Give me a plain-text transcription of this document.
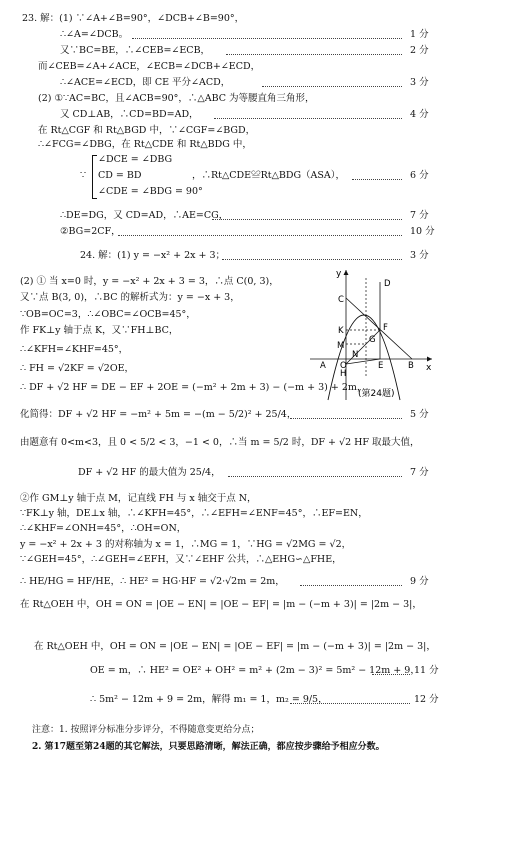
23. 解：(1) ∵∠A+∠B=90°，∠DCB+∠B=90°，
∴∠A=∠DCB。	1 分
又∵BC=BE，∴∠CEB=∠ECB，	2 分
而∠CEB=∠A+∠ACE，∠ECB=∠DCB+∠ECD，
∴∠ACE=∠ECD，即 CE 平分∠ACD，	3 分
(2) ①∵AC=BC，且∠ACB=90°，∴△ABC 为等腰直角三角形，
又 CD⊥AB，∴CD=BD=AD，	4 分
在 Rt△CGF 和 Rt△BGD 中，∵∠CGF=∠BGD，
∴∠FCG=∠DBG，在 Rt△CDE 和 Rt△BDG 中，
∵
∠DCE = ∠DBG
CD = BD
∠CDE = ∠BDG = 90°
，∴Rt△CDE≌Rt△BDG（ASA），	6 分
∴DE=DG，又 CD=AD，∴AE=CG，	7 分
②BG=2CF，	10 分
24. 解：(1) y = −x² + 2x + 3；	3 分
(2) ① 当 x=0 时，y = −x² + 2x + 3 = 3，∴点 C(0, 3)，
又∵点 B(3, 0)，∴BC 的解析式为：y = −x + 3，
∵OB=OC=3，∴∠OBC=∠OCB=45°，
作 FK⊥y 轴于点 K，又∵FH⊥BC，
∴∠KFH=∠KHF=45°，
∴ FH = √2KF = √2OE，
∴ DF + √2 HF = DE − EF + 2OE = (−m² + 2m + 3) − (−m + 3) + 2m，
y
x
C
D
K	F
G
M
A O
N
E	B
H
(第24题)
化简得：DF + √2 HF = −m² + 5m = −(m − 5/2)² + 25/4，	5 分
由题意有 0<m<3，且 0 < 5/2 < 3，−1 < 0，∴当 m = 5/2 时，DF + √2 HF 取最大值，
DF + √2 HF 的最大值为 25/4，	7 分
②作 GM⊥y 轴于点 M，记直线 FH 与 x 轴交于点 N，
∵FK⊥y 轴，DE⊥x 轴，∴∠KFH=45°，∴∠EFH=∠ENF=45°，∴EF=EN，
∴∠KHF=∠ONH=45°，∴OH=ON，
y = −x² + 2x + 3 的对称轴为 x = 1，∴MG = 1，∵HG = √2MG = √2，
∵∠GEH=45°，∴∠GEH=∠EFH，又∵∠EHF 公共，∴△EHG∽△FHE，
∴ HE/HG = HF/HE，∴ HE² = HG·HF = √2·√2m = 2m，	9 分
在 Rt△OEH 中，OH = ON = |OE − EN| = |OE − EF| = |m − (−m + 3)| = |2m − 3|，
在 Rt△OEH 中，OH = ON = |OE − EN| = |OE − EF| = |m − (−m + 3)| = |2m − 3|，
OE = m，∴ HE² = OE² + OH² = m² + (2m − 3)² = 5m² − 12m + 9，
11 分
∴ 5m² − 12m + 9 = 2m，解得 m₁ = 1，m₂ = 9/5，	12 分
注意：1. 按照评分标准分步评分，不得随意变更给分点；
2. 第17题至第24题的其它解法，只要思路清晰，解法正确，都应按步骤给予相应分数。
